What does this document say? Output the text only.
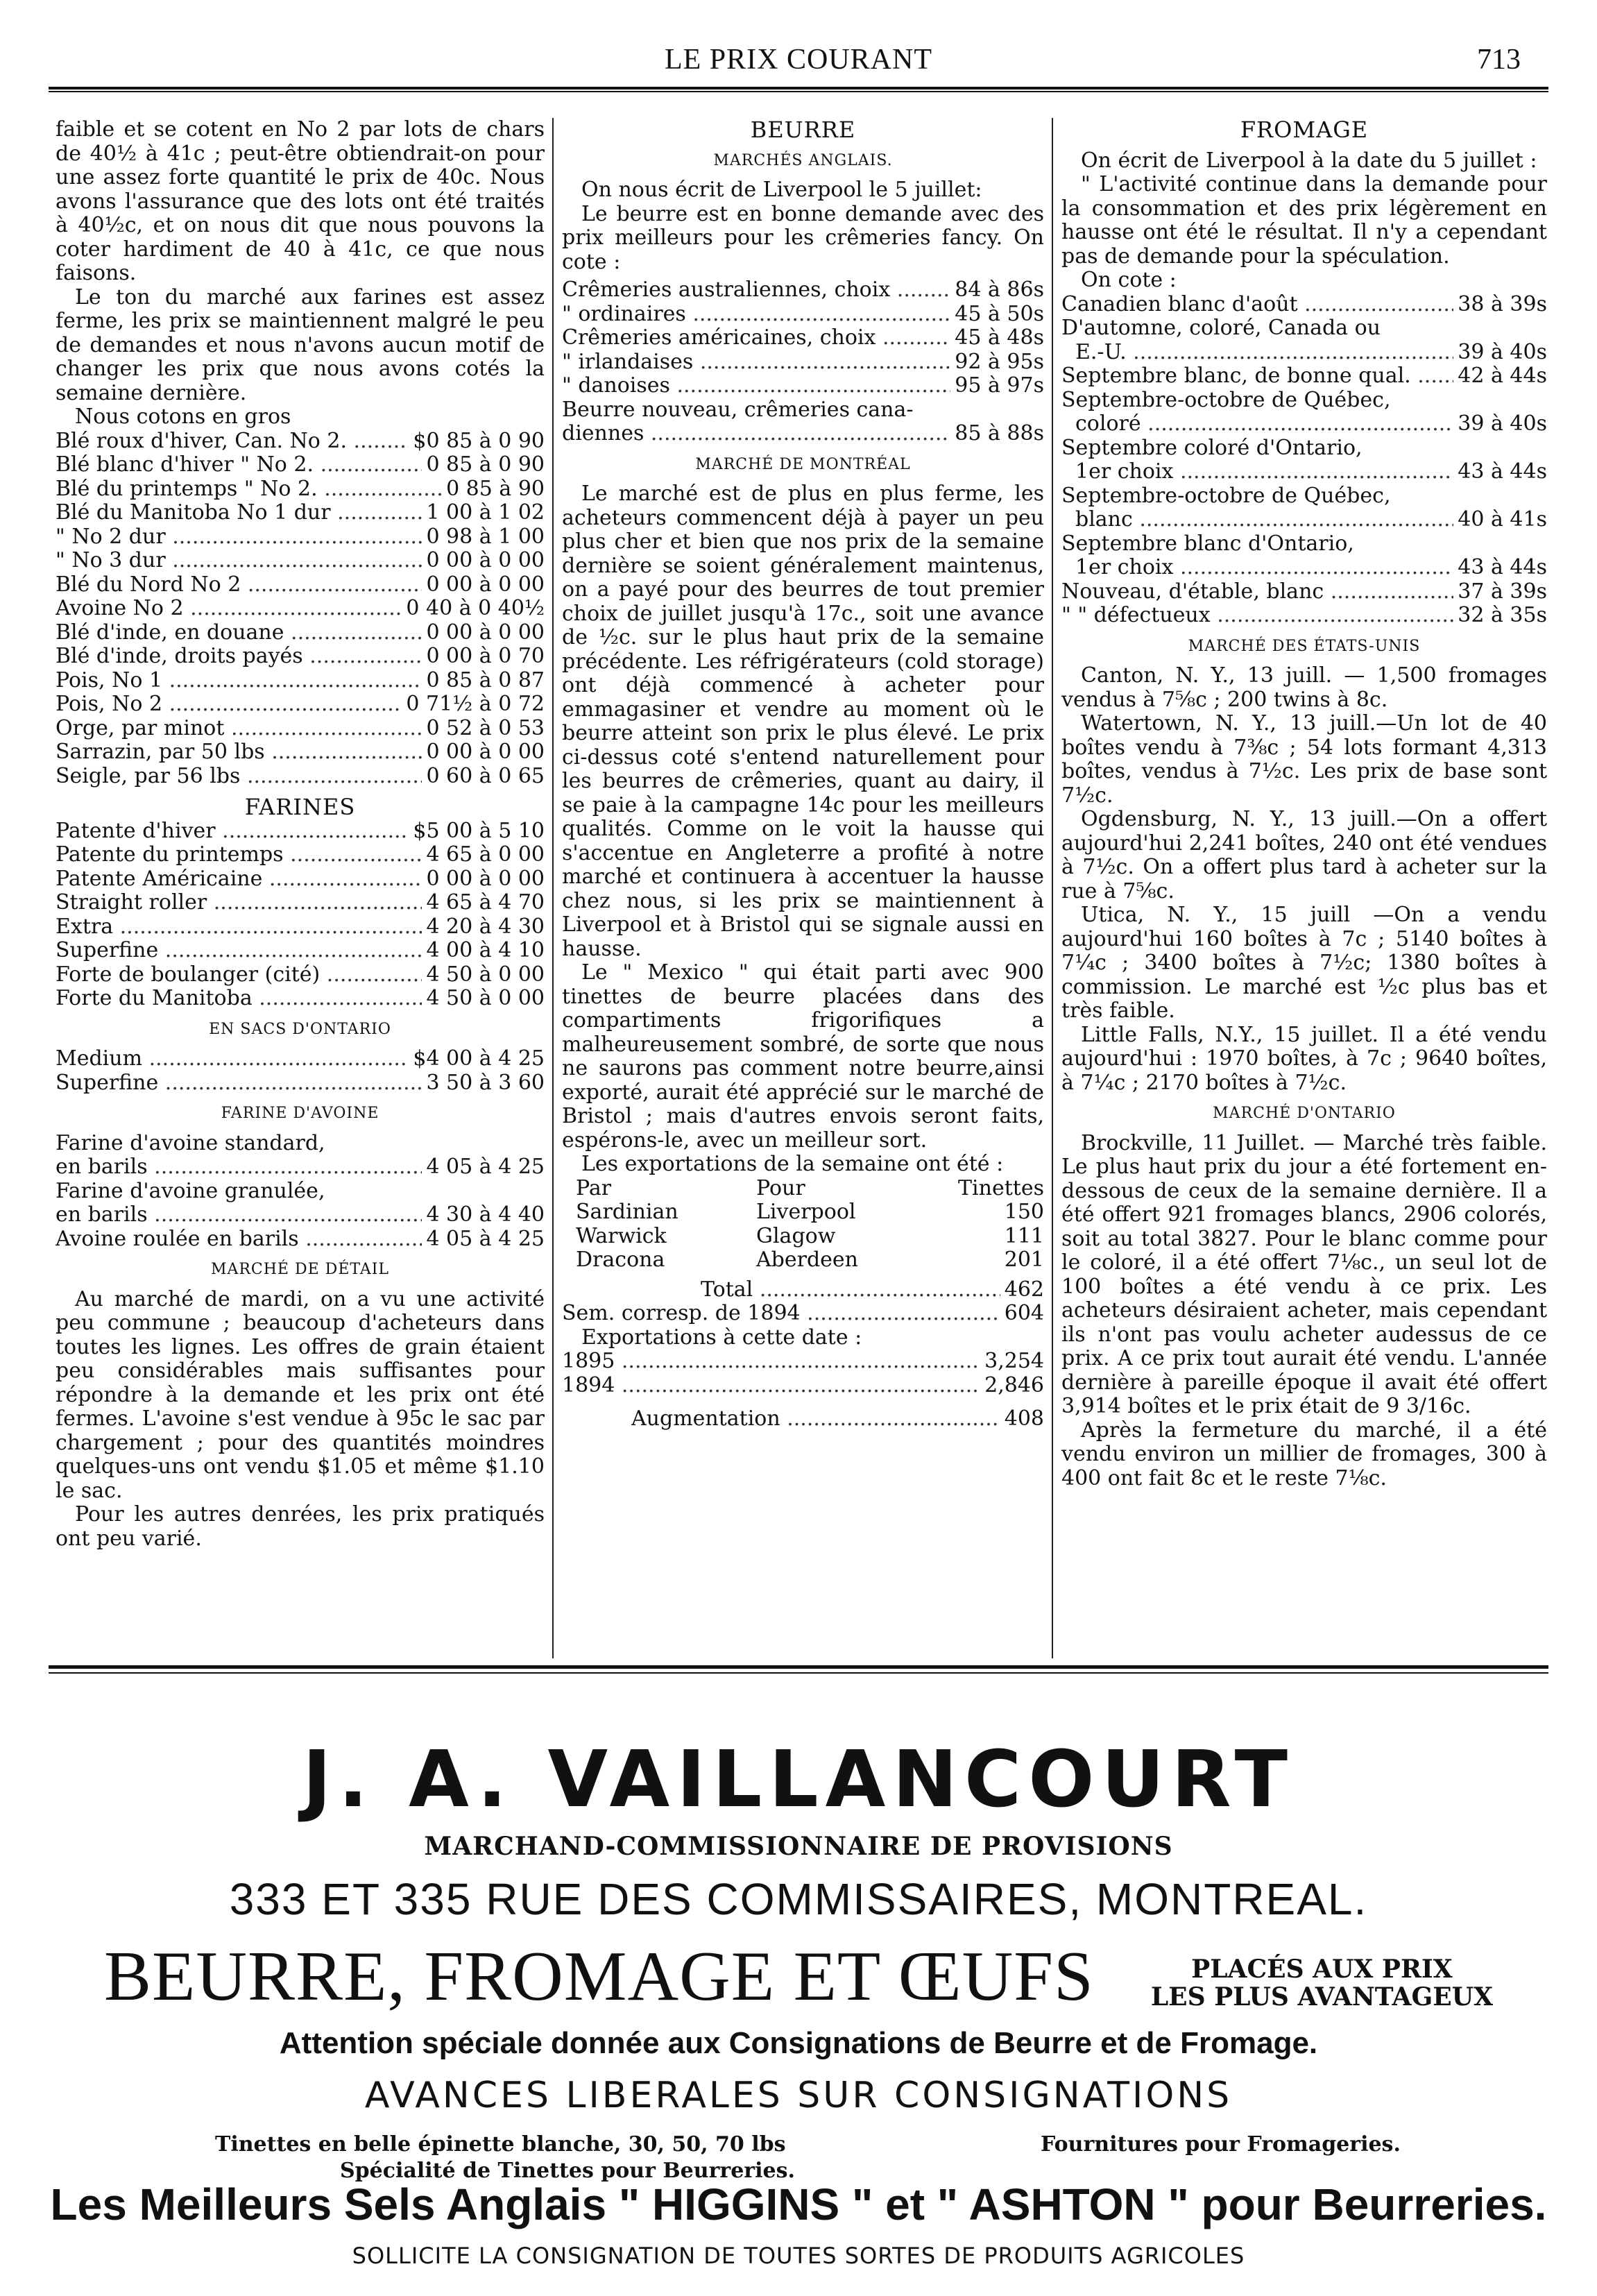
LE PRIX COURANT	713

faible et se cotent en No 2 par lots de chars de 40½ à 41c ; peut-être obtiendrait-on pour une assez forte quantité le prix de 40c. Nous avons l'assurance que des lots ont été traités à 40½c, et on nous dit que nous pouvons la coter hardiment de 40 à 41c, ce que nous faisons.

Le ton du marché aux farines est assez ferme, les prix se maintiennent malgré le peu de demandes et nous n'avons aucun motif de changer les prix que nous avons cotés la semaine dernière.

Nous cotons en gros

Blé roux d'hiver, Can. No 2. .....	$0 85 à 0 90
Blé blanc d'hiver " No 2. .....	0 85 à 0 90
Blé du printemps " No 2. .....	0 85 à 90
Blé du Manitoba No 1 dur .....	1 00 à 1 02
" No 2 dur .....	0 98 à 1 00
" No 3 dur .....	0 00 à 0 00
Blé du Nord No 2 .....	0 00 à 0 00
Avoine No 2 .....	0 40 à 0 40½
Blé d'inde, en douane .....	0 00 à 0 00
Blé d'inde, droits payés .....	0 00 à 0 70
Pois, No 1 .....	0 85 à 0 87
Pois, No 2 .....	0 71½ à 0 72
Orge, par minot .....	0 52 à 0 53
Sarrazin, par 50 lbs .....	0 00 à 0 00
Seigle, par 56 lbs .....	0 60 à 0 65
FARINES
Patente d'hiver .....	$5 00 à 5 10
Patente du printemps .....	4 65 à 0 00
Patente Américaine .....	0 00 à 0 00
Straight roller .....	4 65 à 4 70
Extra .....	4 20 à 4 30
Superfine .....	4 00 à 4 10
Forte de boulanger (cité) .....	4 50 à 0 00
Forte du Manitoba .....	4 50 à 0 00
EN SACS D'ONTARIO
Medium .....	$4 00 à 4 25
Superfine .....	3 50 à 3 60
FARINE D'AVOINE
Farine d'avoine standard,
en barils .....	4 05 à 4 25
Farine d'avoine granulée,
en barils .....	4 30 à 4 40
Avoine roulée en barils .....	4 05 à 4 25
MARCHÉ DE DÉTAIL

Au marché de mardi, on a vu une activité peu commune ; beaucoup d'acheteurs dans toutes les lignes. Les offres de grain étaient peu considérables mais suffisantes pour répondre à la demande et les prix ont été fermes. L'avoine s'est vendue à 95c le sac par chargement ; pour des quantités moindres quelques-uns ont vendu $1.05 et même $1.10 le sac.

Pour les autres denrées, les prix pratiqués ont peu varié.

BEURRE
MARCHÉS ANGLAIS.

On nous écrit de Liverpool le 5 juillet:

Le beurre est en bonne demande avec des prix meilleurs pour les crêmeries fancy. On cote :

Crêmeries australiennes, choix .....	84 à 86s
" ordinaires .....	45 à 50s
Crêmeries américaines, choix .....	45 à 48s
" irlandaises .....	92 à 95s
" danoises .....	95 à 97s
Beurre nouveau, crêmeries cana-
diennes .....	85 à 88s
MARCHÉ DE MONTRÉAL

Le marché est de plus en plus ferme, les acheteurs commencent déjà à payer un peu plus cher et bien que nos prix de la semaine dernière se soient généralement maintenus, on a payé pour des beurres de tout premier choix de juillet jusqu'à 17c., soit une avance de ½c. sur le plus haut prix de la semaine précédente. Les réfrigérateurs (cold storage) ont déjà commencé à acheter pour emmagasiner et vendre au moment où le beurre atteint son prix le plus élevé. Le prix ci-dessus coté s'entend naturellement pour les beurres de crêmeries, quant au dairy, il se paie à la campagne 14c pour les meilleurs qualités. Comme on le voit la hausse qui s'accentue en Angleterre a profité à notre marché et continuera à accentuer la hausse chez nous, si les prix se maintiennent à Liverpool et à Bristol qui se signale aussi en hausse.

Le " Mexico " qui était parti avec 900 tinettes de beurre placées dans des compartiments frigorifiques a malheureusement sombré, de sorte que nous ne saurons pas comment notre beurre,ainsi exporté, aurait été apprécié sur le marché de Bristol ; mais d'autres envois seront faits, espérons-le, avec un meilleur sort.

Les exportations de la semaine ont été :

Par	Pour	Tinettes
Sardinian	Liverpool	150
Warwick	Glagow	111
Dracona	Aberdeen	201
Total .....	462
Sem. corresp. de 1894 .....	604

Exportations à cette date :

1895 .....	3,254
1894 .....	2,846
Augmentation .....	408
FROMAGE

On écrit de Liverpool à la date du 5 juillet :

" L'activité continue dans la demande pour la consommation et des prix légèrement en hausse ont été le résultat. Il n'y a cependant pas de demande pour la spéculation.

On cote :

Canadien blanc d'août .....	38 à 39s
D'automne, coloré, Canada ou
E.-U. .....	39 à 40s
Septembre blanc, de bonne qual. .....	42 à 44s
Septembre-octobre de Québec,
coloré .....	39 à 40s
Septembre coloré d'Ontario,
1er choix .....	43 à 44s
Septembre-octobre de Québec,
blanc .....	40 à 41s
Septembre blanc d'Ontario,
1er choix .....	43 à 44s
Nouveau, d'étable, blanc .....	37 à 39s
" " défectueux .....	32 à 35s
MARCHÉ DES ÉTATS-UNIS

Canton, N. Y., 13 juill. — 1,500 fromages vendus à 7⅝c ; 200 twins à 8c.

Watertown, N. Y., 13 juill.—Un lot de 40 boîtes vendu à 7⅜c ; 54 lots formant 4,313 boîtes, vendus à 7½c. Les prix de base sont 7½c.

Ogdensburg, N. Y., 13 juill.—On a offert aujourd'hui 2,241 boîtes, 240 ont été vendues à 7½c. On a offert plus tard à acheter sur la rue à 7⅝c.

Utica, N. Y., 15 juill —On a vendu aujourd'hui 160 boîtes à 7c ; 5140 boîtes à 7¼c ; 3400 boîtes à 7½c; 1380 boîtes à commission. Le marché est ½c plus bas et très faible.

Little Falls, N.Y., 15 juillet. Il a été vendu aujourd'hui : 1970 boîtes, à 7c ; 9640 boîtes, à 7¼c ; 2170 boîtes à 7½c.

MARCHÉ D'ONTARIO

Brockville, 11 Juillet. — Marché très faible. Le plus haut prix du jour a été fortement en-dessous de ceux de la semaine dernière. Il a été offert 921 fromages blancs, 2906 colorés, soit au total 3827. Pour le blanc comme pour le coloré, il a été offert 7⅛c., un seul lot de 100 boîtes a été vendu à ce prix. Les acheteurs désiraient acheter, mais cependant ils n'ont pas voulu acheter audessus de ce prix. A ce prix tout aurait été vendu. L'année dernière à pareille époque il avait été offert 3,914 boîtes et le prix était de 9 3/16c.

Après la fermeture du marché, il a été vendu environ un millier de fromages, 300 à 400 ont fait 8c et le reste 7⅛c.

J. A. VAILLANCOURT
MARCHAND-COMMISSIONNAIRE DE PROVISIONS
333 ET 335 RUE DES COMMISSAIRES, MONTREAL.
BEURRE, FROMAGE ET ŒUFS	PLACÉS AUX PRIX
LES PLUS AVANTAGEUX
Attention spéciale donnée aux Consignations de Beurre et de Fromage.
AVANCES LIBERALES SUR CONSIGNATIONS
Tinettes en belle épinette blanche, 30, 50, 70 lbs	Fournitures pour Fromageries.
Spécialité de Tinettes pour Beurreries.
Les Meilleurs Sels Anglais " HIGGINS " et " ASHTON " pour Beurreries.
SOLLICITE LA CONSIGNATION DE TOUTES SORTES DE PRODUITS AGRICOLES
